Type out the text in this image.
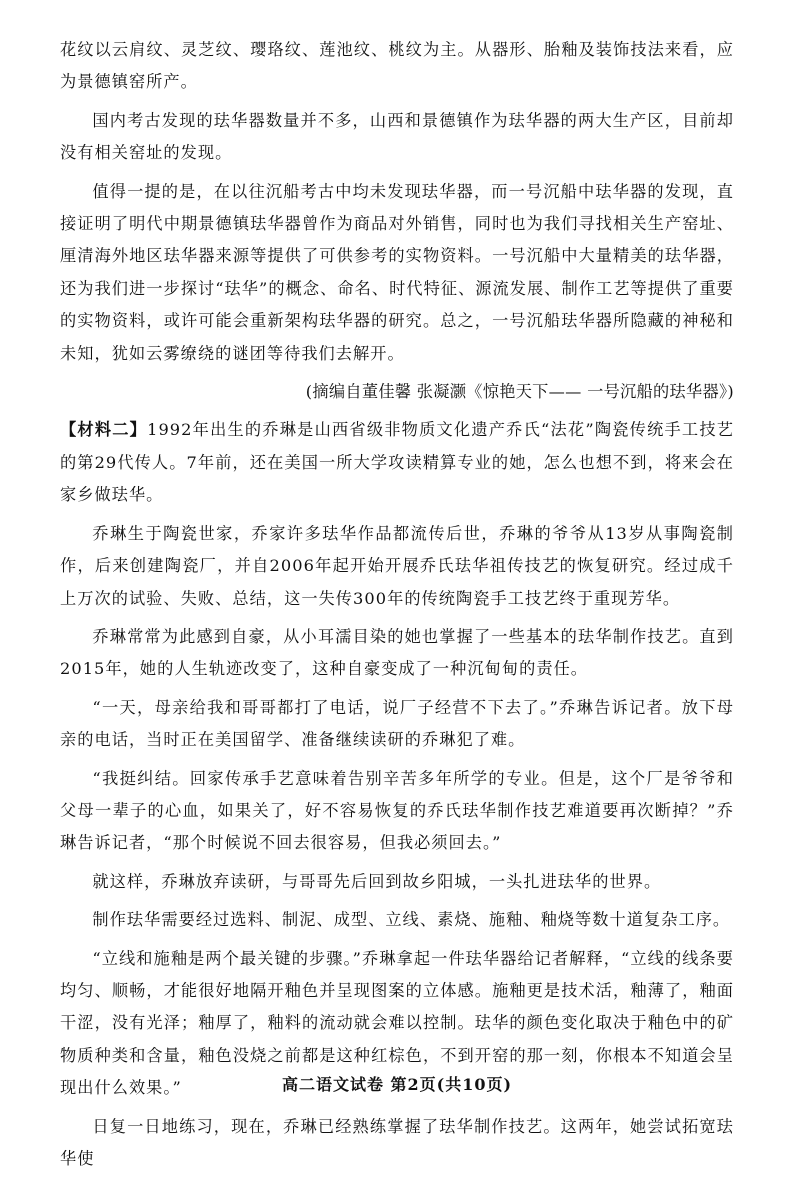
花纹以云肩纹、灵芝纹、璎珞纹、莲池纹、桃纹为主。从器形、胎釉及装饰技法来看，应为景德镇窑所产。

国内考古发现的珐华器数量并不多，山西和景德镇作为珐华器的两大生产区，目前却没有相关窑址的发现。

值得一提的是，在以往沉船考古中均未发现珐华器，而一号沉船中珐华器的发现，直接证明了明代中期景德镇珐华器曾作为商品对外销售，同时也为我们寻找相关生产窑址、厘清海外地区珐华器来源等提供了可供参考的实物资料。一号沉船中大量精美的珐华器，还为我们进一步探讨“珐华”的概念、命名、时代特征、源流发展、制作工艺等提供了重要的实物资料，或许可能会重新架构珐华器的研究。总之，一号沉船珐华器所隐藏的神秘和未知，犹如云雾缭绕的谜团等待我们去解开。

(摘编自董佳馨 张凝灏《惊艳天下—— 一号沉船的珐华器》)

【材料二】1992年出生的乔琳是山西省级非物质文化遗产乔氏“法花”陶瓷传统手工技艺的第29代传人。7年前，还在美国一所大学攻读精算专业的她，怎么也想不到，将来会在家乡做珐华。

乔琳生于陶瓷世家，乔家许多珐华作品都流传后世，乔琳的爷爷从13岁从事陶瓷制作，后来创建陶瓷厂，并自2006年起开始开展乔氏珐华祖传技艺的恢复研究。经过成千上万次的试验、失败、总结，这一失传300年的传统陶瓷手工技艺终于重现芳华。

乔琳常常为此感到自豪，从小耳濡目染的她也掌握了一些基本的珐华制作技艺。直到2015年，她的人生轨迹改变了，这种自豪变成了一种沉甸甸的责任。

“一天，母亲给我和哥哥都打了电话，说厂子经营不下去了。”乔琳告诉记者。放下母亲的电话，当时正在美国留学、准备继续读研的乔琳犯了难。

“我挺纠结。回家传承手艺意味着告别辛苦多年所学的专业。但是，这个厂是爷爷和父母一辈子的心血，如果关了，好不容易恢复的乔氏珐华制作技艺难道要再次断掉？”乔琳告诉记者，“那个时候说不回去很容易，但我必须回去。”

就这样，乔琳放弃读研，与哥哥先后回到故乡阳城，一头扎进珐华的世界。

制作珐华需要经过选料、制泥、成型、立线、素烧、施釉、釉烧等数十道复杂工序。

“立线和施釉是两个最关键的步骤。”乔琳拿起一件珐华器给记者解释，“立线的线条要均匀、顺畅，才能很好地隔开釉色并呈现图案的立体感。施釉更是技术活，釉薄了，釉面干涩，没有光泽；釉厚了，釉料的流动就会难以控制。珐华的颜色变化取决于釉色中的矿物质种类和含量，釉色没烧之前都是这种红棕色，不到开窑的那一刻，你根本不知道会呈现出什么效果。”

日复一日地练习，现在，乔琳已经熟练掌握了珐华制作技艺。这两年，她尝试拓宽珐华使

高二语文试卷 第2页(共10页)
